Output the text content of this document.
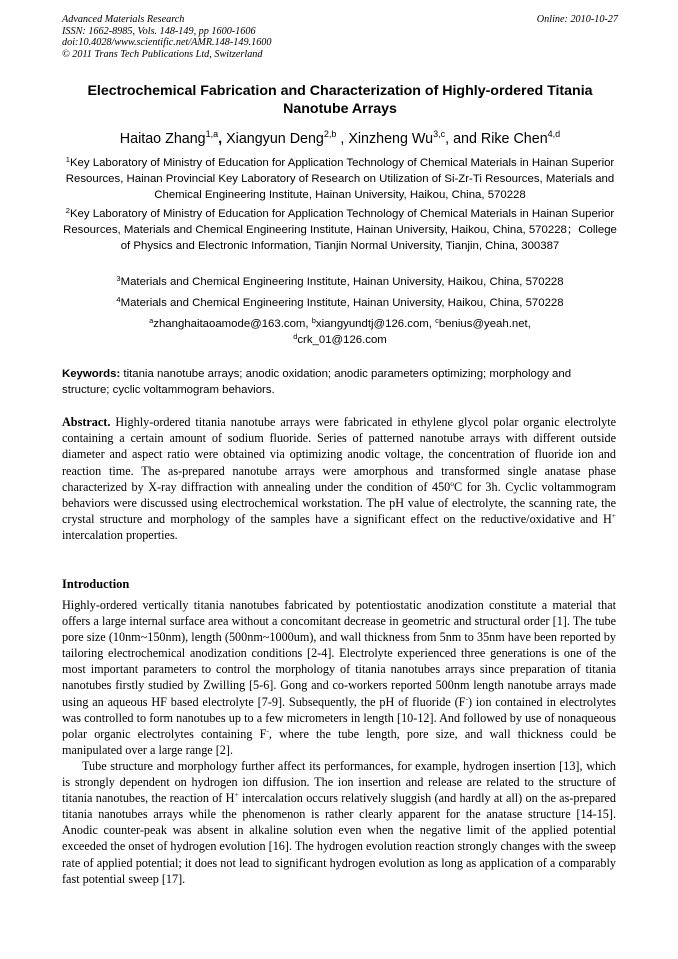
Advanced Materials Research
ISSN: 1662-8985, Vols. 148-149, pp 1600-1606
doi:10.4028/www.scientific.net/AMR.148-149.1600
© 2011 Trans Tech Publications Ltd, Switzerland
Online: 2010-10-27
Electrochemical Fabrication and Characterization of Highly-ordered Titania Nanotube Arrays
Haitao Zhang$^{1,a}$, Xiangyun Deng$^{2,b}$ , Xinzheng Wu$^{3,c}$, and Rike Chen$^{4,d}$
$^1$Key Laboratory of Ministry of Education for Application Technology of Chemical Materials in Hainan Superior Resources, Hainan Provincial Key Laboratory of Research on Utilization of Si-Zr-Ti Resources, Materials and Chemical Engineering Institute, Hainan University, Haikou, China, 570228
$^2$Key Laboratory of Ministry of Education for Application Technology of Chemical Materials in Hainan Superior Resources, Materials and Chemical Engineering Institute, Hainan University, Haikou, China, 570228；College of Physics and Electronic Information, Tianjin Normal University, Tianjin, China, 300387
$^3$Materials and Chemical Engineering Institute, Hainan University, Haikou, China, 570228
$^4$Materials and Chemical Engineering Institute, Hainan University, Haikou, China, 570228
$^a$zhanghaitaoamode@163.com, $^b$xiangyundtj@126.com, $^c$benius@yeah.net,
$^d$crk_01@126.com
Keywords: titania nanotube arrays; anodic oxidation; anodic parameters optimizing; morphology and structure; cyclic voltammogram behaviors.
Abstract. Highly-ordered titania nanotube arrays were fabricated in ethylene glycol polar organic electrolyte containing a certain amount of sodium fluoride. Series of patterned nanotube arrays with different outside diameter and aspect ratio were obtained via optimizing anodic voltage, the concentration of fluoride ion and reaction time. The as-prepared nanotube arrays were amorphous and transformed single anatase phase characterized by X-ray diffraction with annealing under the condition of 450$^o$C for 3h. Cyclic voltammogram behaviors were discussed using electrochemical workstation. The pH value of electrolyte, the scanning rate, the crystal structure and morphology of the samples have a significant effect on the reductive/oxidative and H+ intercalation properties.
Introduction

Highly-ordered vertically titania nanotubes fabricated by potentiostatic anodization constitute a material that offers a large internal surface area without a concomitant decrease in geometric and structural order [1]. The tube pore size (10nm~150nm), length (500nm~1000um), and wall thickness from 5nm to 35nm have been reported by tailoring electrochemical anodization conditions [2-4]. Electrolyte experienced three generations is one of the most important parameters to control the morphology of titania nanotubes arrays since preparation of titania nanotubes firstly studied by Zwilling [5-6]. Gong and co-workers reported 500nm length nanotube arrays made using an aqueous HF based electrolyte [7-9]. Subsequently, the pH of fluoride (F-) ion contained in electrolytes was controlled to form nanotubes up to a few micrometers in length [10-12]. And followed by use of nonaqueous polar organic electrolytes containing F-, where the tube length, pore size, and wall thickness could be manipulated over a large range [2].

Tube structure and morphology further affect its performances, for example, hydrogen insertion [13], which is strongly dependent on hydrogen ion diffusion. The ion insertion and release are related to the structure of titania nanotubes, the reaction of H+ intercalation occurs relatively sluggish (and hardly at all) on the as-prepared titania nanotubes arrays while the phenomenon is rather clearly apparent for the anatase structure [14-15]. Anodic counter-peak was absent in alkaline solution even when the negative limit of the applied potential exceeded the onset of hydrogen evolution [16]. The hydrogen evolution reaction strongly changes with the sweep rate of applied potential; it does not lead to significant hydrogen evolution as long as application of a comparably fast potential sweep [17].
